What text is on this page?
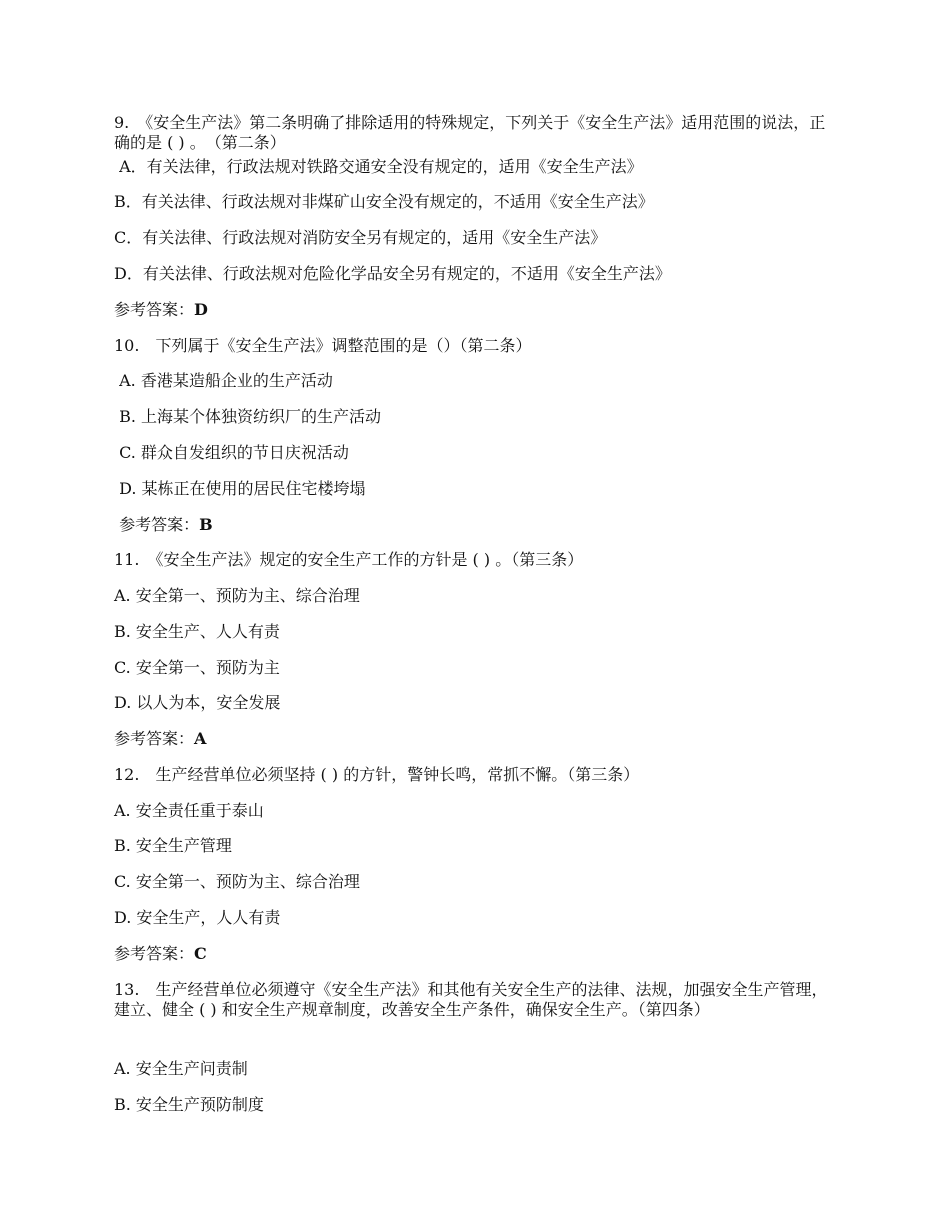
9.　《安全生产法》第二条明确了排除适用的特殊规定，下列关于《安全生产法》适用范围的说法，正确的是 ( ) 。　（第二条）
A．有关法律，行政法规对铁路交通安全没有规定的，适用《安全生产法》
B．有关法律、行政法规对非煤矿山安全没有规定的，不适用《安全生产法》
C．有关法律、行政法规对消防安全另有规定的，适用《安全生产法》
D．有关法律、行政法规对危险化学品安全另有规定的，不适用《安全生产法》
参考答案：D
10.　下列属于《安全生产法》调整范围的是（）（第二条）
A. 香港某造船企业的生产活动
B. 上海某个体独资纺织厂的生产活动
C. 群众自发组织的节日庆祝活动
D. 某栋正在使用的居民住宅楼垮塌
参考答案：B
11.　《安全生产法》规定的安全生产工作的方针是 ( ) 。（第三条）
A. 安全第一、预防为主、综合治理
B. 安全生产、人人有责
C. 安全第一、预防为主
D. 以人为本，安全发展
参考答案：A
12.　生产经营单位必须坚持 ( ) 的方针，警钟长鸣，常抓不懈。（第三条）
A. 安全责任重于泰山
B. 安全生产管理
C. 安全第一、预防为主、综合治理
D. 安全生产，人人有责
参考答案：C
13.　生产经营单位必须遵守《安全生产法》和其他有关安全生产的法律、法规，加强安全生产管理，建立、健全 ( ) 和安全生产规章制度，改善安全生产条件，确保安全生产。（第四条）
A. 安全生产问责制
B. 安全生产预防制度
